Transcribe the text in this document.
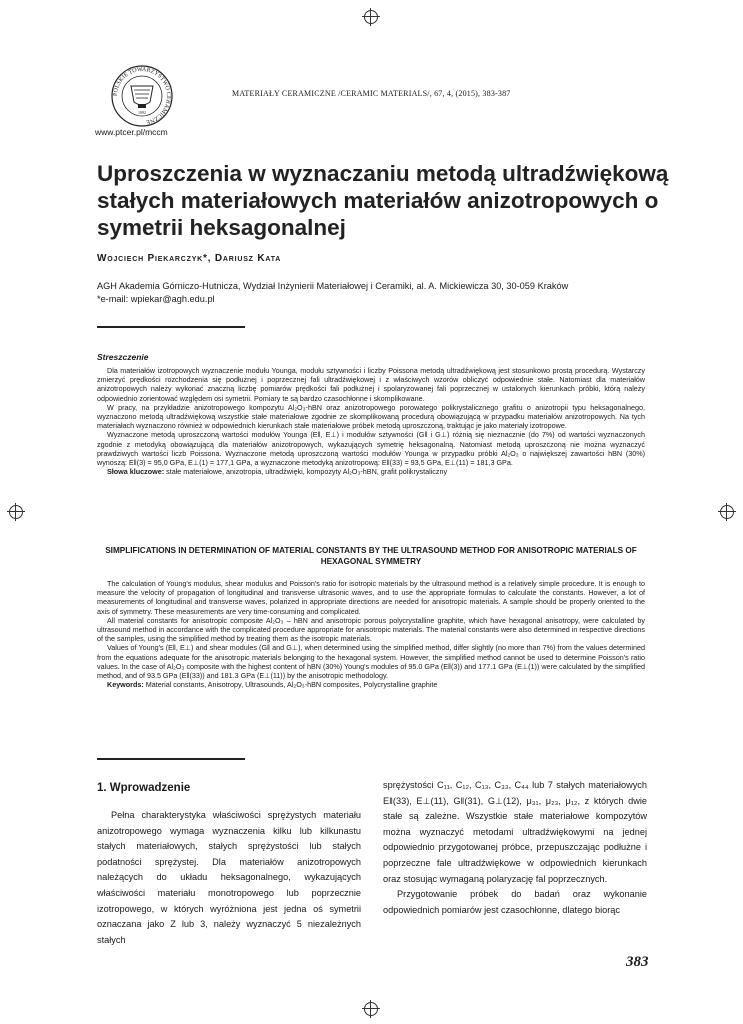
POLSKIE TOWARZYSTWO CERAMICZNE
1992
www.ptcer.pl/mccm
MATERIAŁY CERAMICZNE /CERAMIC MATERIALS/, 67, 4, (2015), 383-387
Uproszczenia w wyznaczaniu metodą ultradźwiękową stałych materiałowych materiałów anizotropowych o symetrii heksagonalnej
Wojciech Piekarczyk*, Dariusz Kata
AGH Akademia Górniczo-Hutnicza, Wydział Inżynierii Materiałowej i Ceramiki, al. A. Mickiewicza 30, 30-059 Kraków
*e-mail: wpiekar@agh.edu.pl
Streszczenie

Dla materiałów izotropowych wyznaczenie modułu Younga, modułu sztywności i liczby Poissona metodą ultradźwiękową jest stosunkowo prostą procedurą. Wystarczy zmierzyć prędkości rozchodzenia się podłużnej i poprzecznej fali ultradźwiękowej i z właściwych wzorów obliczyć odpowiednie stałe. Natomiast dla materiałów anizotropowych należy wykonać znaczną liczbę pomiarów prędkości fali podłużnej i spolaryzowanej fali poprzecznej w ustalonych kierunkach próbki, którą należy odpowiednio zorientować względem osi symetrii. Pomiary te są bardzo czasochłonne i skomplikowane.

W pracy, na przykładzie anizotropowego kompozytu Al₂O₃-hBN oraz anizotropowego porowatego polikrystalicznego grafitu o anizotropii typu heksagonalnego, wyznaczono metodą ultradźwiękową wszystkie stałe materiałowe zgodnie ze skomplikowaną procedurą obowiązującą w przypadku materiałów anizotropowych. Na tych materiałach wyznaczono również w odpowiednich kierunkach stałe materiałowe próbek metodą uproszczoną, traktując je jako materiały izotropowe.

Wyznaczone metodą uproszczoną wartości modułów Younga (E‖, E⊥) i modułów sztywności (G‖ i G⊥) różnią się nieznacznie (do 7%) od wartości wyznaczonych zgodnie z metodyką obowiązującą dla materiałów anizotropowych, wykazujących symetrię heksagonalną. Natomiast metodą uproszczoną nie można wyznaczyć prawdziwych wartości liczb Poissona. Wyznaczone metodą uproszczoną wartości modułów Younga w przypadku próbki Al₂O₃ o największej zawartości hBN (30%) wynoszą: E‖(3) = 95,0 GPa, E⊥(1) = 177,1 GPa, a wyznaczone metodyką anizotropową: E‖(33) = 93,5 GPa, E⊥(11) = 181,3 GPa.

Słowa kluczowe: stałe materiałowe, anizotropia, ultradźwięki, kompozyty Al₂O₃-hBN, grafit polikrystaliczny

SIMPLIFICATIONS IN DETERMINATION OF MATERIAL CONSTANTS BY THE ULTRASOUND METHOD FOR ANISOTROPIC MATERIALS OF HEXAGONAL SYMMETRY

The calculation of Young's modulus, shear modulus and Poisson's ratio for isotropic materials by the ultrasound method is a relatively simple procedure. It is enough to measure the velocity of propagation of longitudinal and transverse ultrasonic waves, and to use the appropriate formulas to calculate the constants. However, a lot of measurements of longitudinal and transverse waves, polarized in appropriate directions are needed for anisotropic materials. A sample should be properly oriented to the axis of symmetry. These measurements are very time-consuming and complicated.

All material constants for anisotropic composite Al₂O₃ – hBN and anisotropic porous polycrystalline graphite, which have hexagonal anisotropy, were calculated by ultrasound method in accordance with the complicated procedure appropriate for anisotropic materials. The material constants were also determined in respective directions of the samples, using the simplified method by treating them as the isotropic materials.

Values of Young's (E‖, E⊥) and shear modules (G‖ and G⊥), when determined using the simplified method, differ slightly (no more than 7%) from the values determined from the equations adequate for the anisotropic materials belonging to the hexagonal system. However, the simplified method cannot be used to determine Poisson's ratio values. In the case of Al₂O₃ composite with the highest content of hBN (30%) Young's modules of 95.0 GPa (E‖(3)) and 177.1 GPa (E⊥(1)) were calculated by the simplified method, and of 93.5 GPa (E‖(33)) and 181.3 GPa (E⊥(11)) by the anisotropic methodology.

Keywords: Material constants, Anisotropy, Ultrasounds, Al₂O₃-hBN composites, Polycrystalline graphite

1. Wprowadzenie

Pełna charakterystyka właściwości sprężystych materiału anizotropowego wymaga wyznaczenia kilku lub kilkunastu stałych materiałowych, stałych sprężystości lub stałych podatności sprężystej. Dla materiałów anizotropowych należących do układu heksagonalnego, wykazujących właściwości materiału monotropowego lub poprzecznie izotropowego, w których wyróżniona jest jedna oś symetrii oznaczana jako Z lub 3, należy wyznaczyć 5 niezależnych stałych

sprężystości C₁₁, C₁₂, C₁₃, C₃₃, C₄₄ lub 7 stałych materiałowych E‖(33), E⊥(11), G‖(31), G⊥(12), μ₃₁, μ₂₃, μ₁₂, z których dwie stałe są zależne. Wszystkie stałe materiałowe kompozytów można wyznaczyć metodami ultradźwiękowymi na jednej odpowiednio przygotowanej próbce, przepuszczając podłużne i poprzeczne fale ultradźwiękowe w odpowiednich kierunkach oraz stosując wymaganą polaryzację fal poprzecznych.

Przygotowanie próbek do badań oraz wykonanie odpowiednich pomiarów jest czasochłonne, dlatego biorąc

383
